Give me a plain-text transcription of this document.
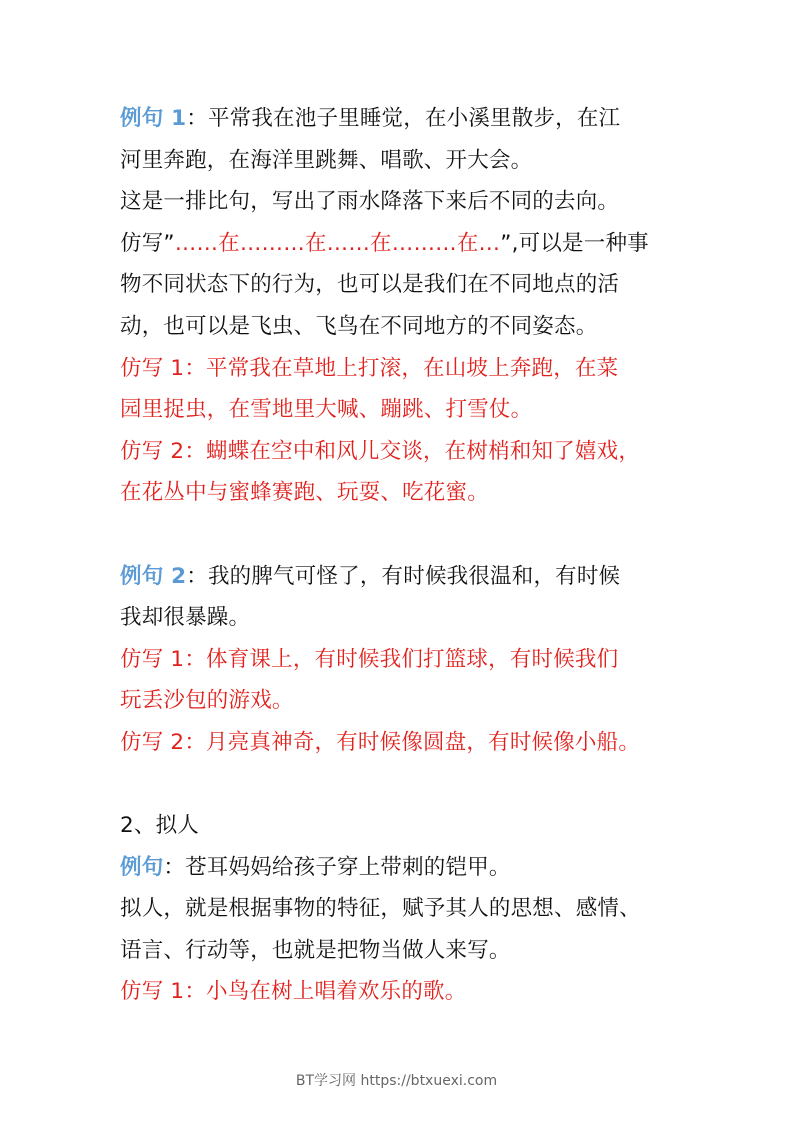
例句 1：平常我在池子里睡觉，在小溪里散步，在江
河里奔跑，在海洋里跳舞、唱歌、开大会。
这是一排比句，写出了雨水降落下来后不同的去向。
仿写”……在………在……在………在…”,可以是一种事
物不同状态下的行为，也可以是我们在不同地点的活
动，也可以是飞虫、飞鸟在不同地方的不同姿态。
仿写 1：平常我在草地上打滚，在山坡上奔跑，在菜
园里捉虫，在雪地里大喊、蹦跳、打雪仗。
仿写 2：蝴蝶在空中和风儿交谈，在树梢和知了嬉戏，
在花丛中与蜜蜂赛跑、玩耍、吃花蜜。
例句 2：我的脾气可怪了，有时候我很温和，有时候
我却很暴躁。
仿写 1：体育课上，有时候我们打篮球，有时候我们
玩丢沙包的游戏。
仿写 2：月亮真神奇，有时候像圆盘，有时候像小船。
2、拟人
例句：苍耳妈妈给孩子穿上带刺的铠甲。
拟人，就是根据事物的特征，赋予其人的思想、感情、
语言、行动等，也就是把物当做人来写。
仿写 1：小鸟在树上唱着欢乐的歌。
BT学习网 https://btxuexi.com
